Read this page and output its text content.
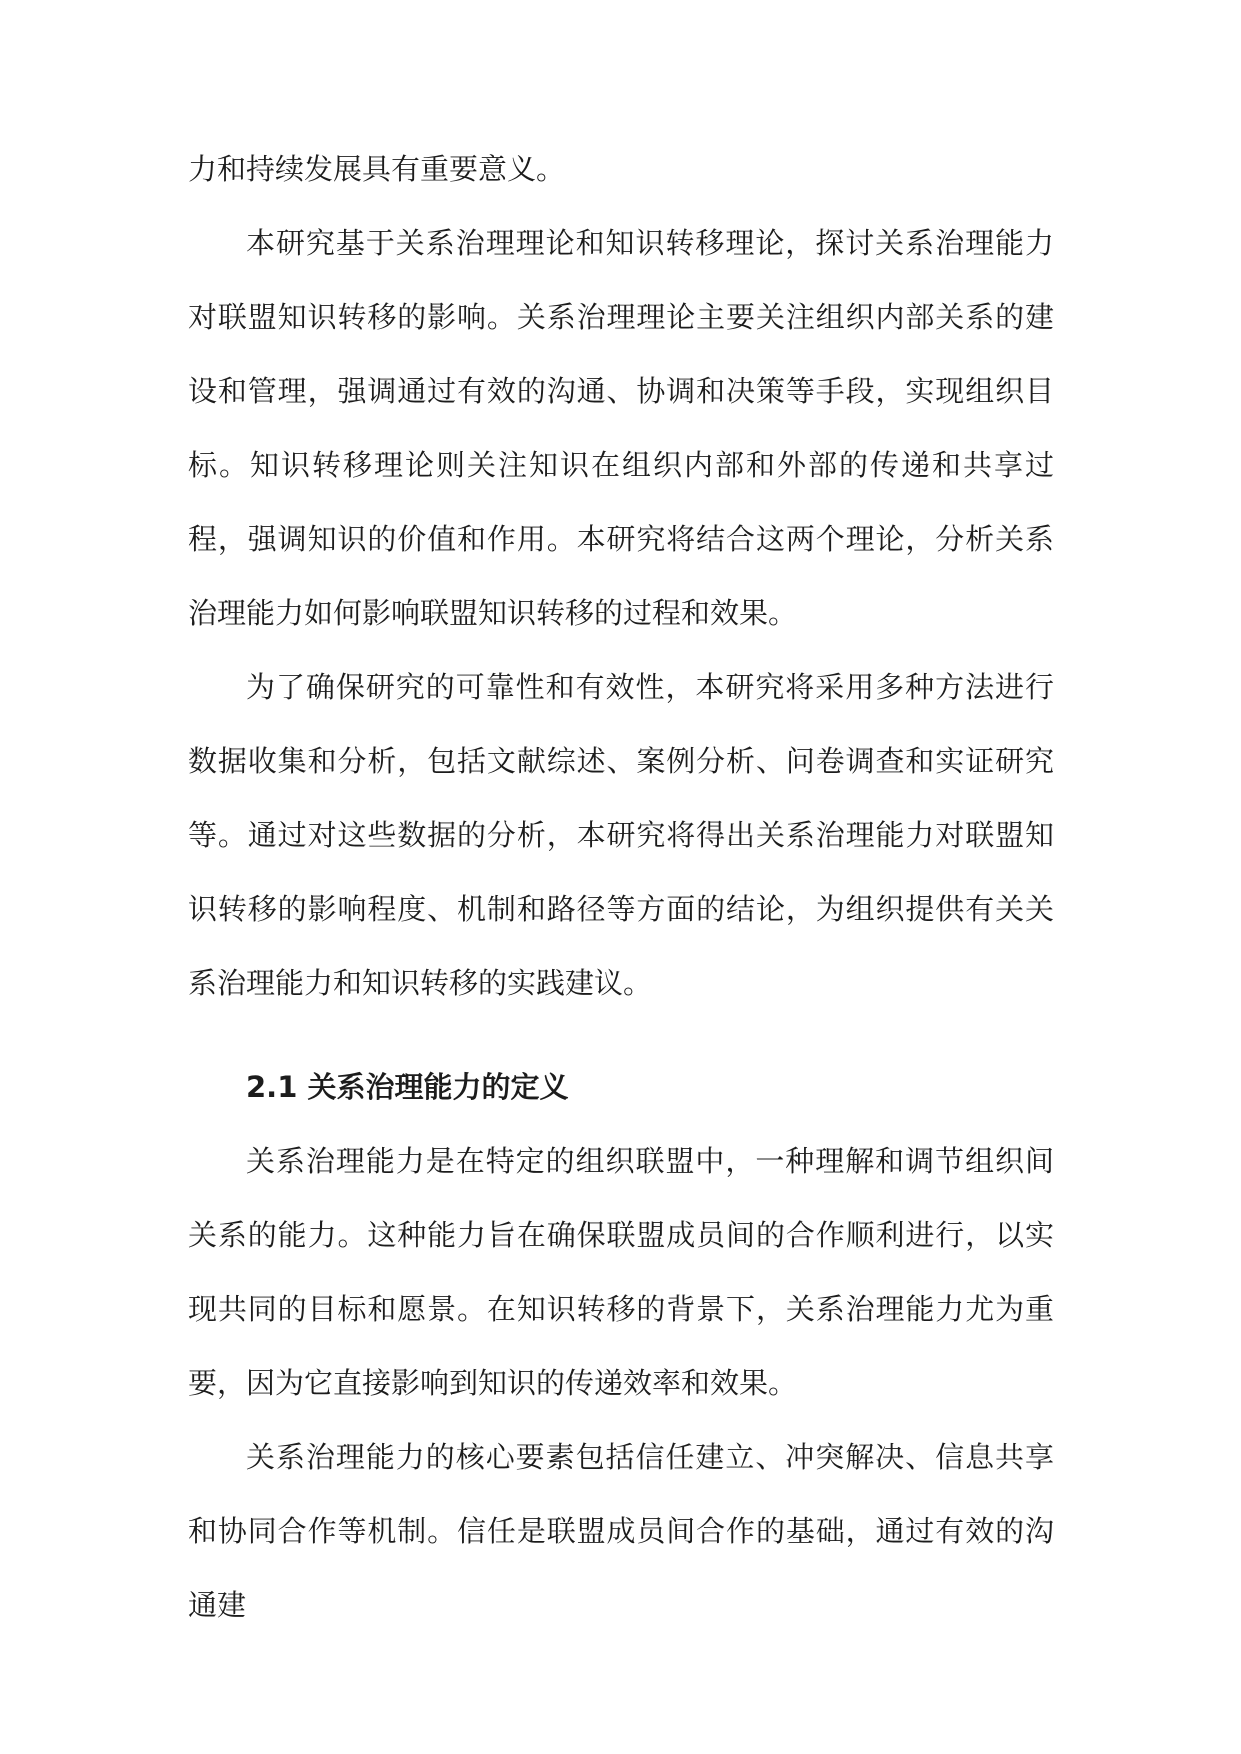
力和持续发展具有重要意义。

本研究基于关系治理理论和知识转移理论，探讨关系治理能力对联盟知识转移的影响。关系治理理论主要关注组织内部关系的建设和管理，强调通过有效的沟通、协调和决策等手段，实现组织目标。知识转移理论则关注知识在组织内部和外部的传递和共享过程，强调知识的价值和作用。本研究将结合这两个理论，分析关系治理能力如何影响联盟知识转移的过程和效果。

为了确保研究的可靠性和有效性，本研究将采用多种方法进行数据收集和分析，包括文献综述、案例分析、问卷调查和实证研究等。通过对这些数据的分析，本研究将得出关系治理能力对联盟知识转移的影响程度、机制和路径等方面的结论，为组织提供有关关系治理能力和知识转移的实践建议。

2.1 关系治理能力的定义

关系治理能力是在特定的组织联盟中，一种理解和调节组织间关系的能力。这种能力旨在确保联盟成员间的合作顺利进行，以实现共同的目标和愿景。在知识转移的背景下，关系治理能力尤为重要，因为它直接影响到知识的传递效率和效果。

关系治理能力的核心要素包括信任建立、冲突解决、信息共享和协同合作等机制。信任是联盟成员间合作的基础，通过有效的沟通建
